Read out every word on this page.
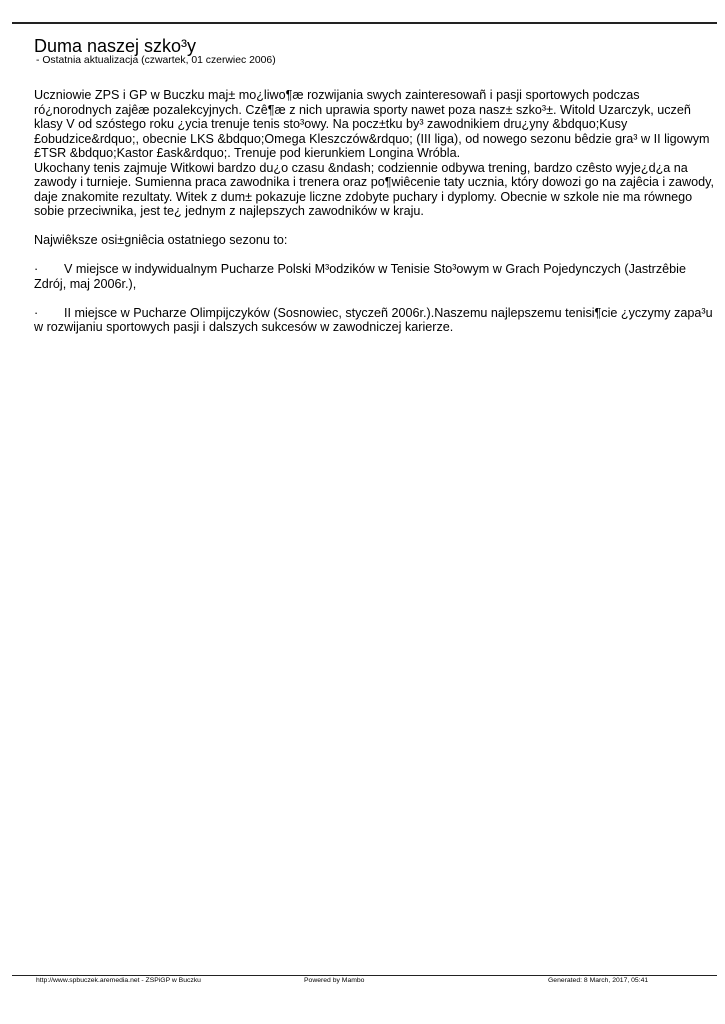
Duma naszej szko³y
- Ostatnia aktualizacja (czwartek, 01 czerwiec 2006)

Uczniowie ZPS i GP w Buczku maj± mo¿liwo¶æ rozwijania swych zainteresowañ i pasji sportowych podczas ró¿norodnych zajêæ pozalekcyjnych. Czê¶æ z nich uprawia sporty nawet poza nasz± szko³±. Witold Uzarczyk, uczeñ klasy V od szóstego roku ¿ycia trenuje tenis sto³owy. Na pocz±tku by³ zawodnikiem dru¿yny &bdquo;Kusy £obudzice&rdquo;, obecnie LKS &bdquo;Omega Kleszczów&rdquo; (III liga), od nowego sezonu bêdzie gra³ w II ligowym £TSR &bdquo;Kastor £ask&rdquo;. Trenuje pod kierunkiem Longina Wróbla.

Ukochany tenis zajmuje Witkowi bardzo du¿o czasu &ndash; codziennie odbywa trening, bardzo czêsto wyje¿d¿a na zawody i turnieje. Sumienna praca zawodnika i trenera oraz po¶wiêcenie taty ucznia, który dowozi go na zajêcia i zawody, daje znakomite rezultaty. Witek z dum± pokazuje liczne zdobyte puchary i dyplomy. Obecnie w szkole nie ma równego sobie przeciwnika, jest te¿ jednym z najlepszych zawodników w kraju.

Najwiêksze osi±gniêcia ostatniego sezonu to:

· V miejsce w indywidualnym Pucharze Polski M³odzików w Tenisie Sto³owym w Grach Pojedynczych (Jastrzêbie Zdrój, maj 2006r.),

· II miejsce w Pucharze Olimpijczyków (Sosnowiec, styczeñ 2006r.).Naszemu najlepszemu tenisi¶cie ¿yczymy zapa³u w rozwijaniu sportowych pasji i dalszych sukcesów w zawodniczej karierze.

http://www.spbuczek.aremedia.net - ZSPiGP w Buczku	Powered by Mambo	Generated: 8 March, 2017, 05:41
